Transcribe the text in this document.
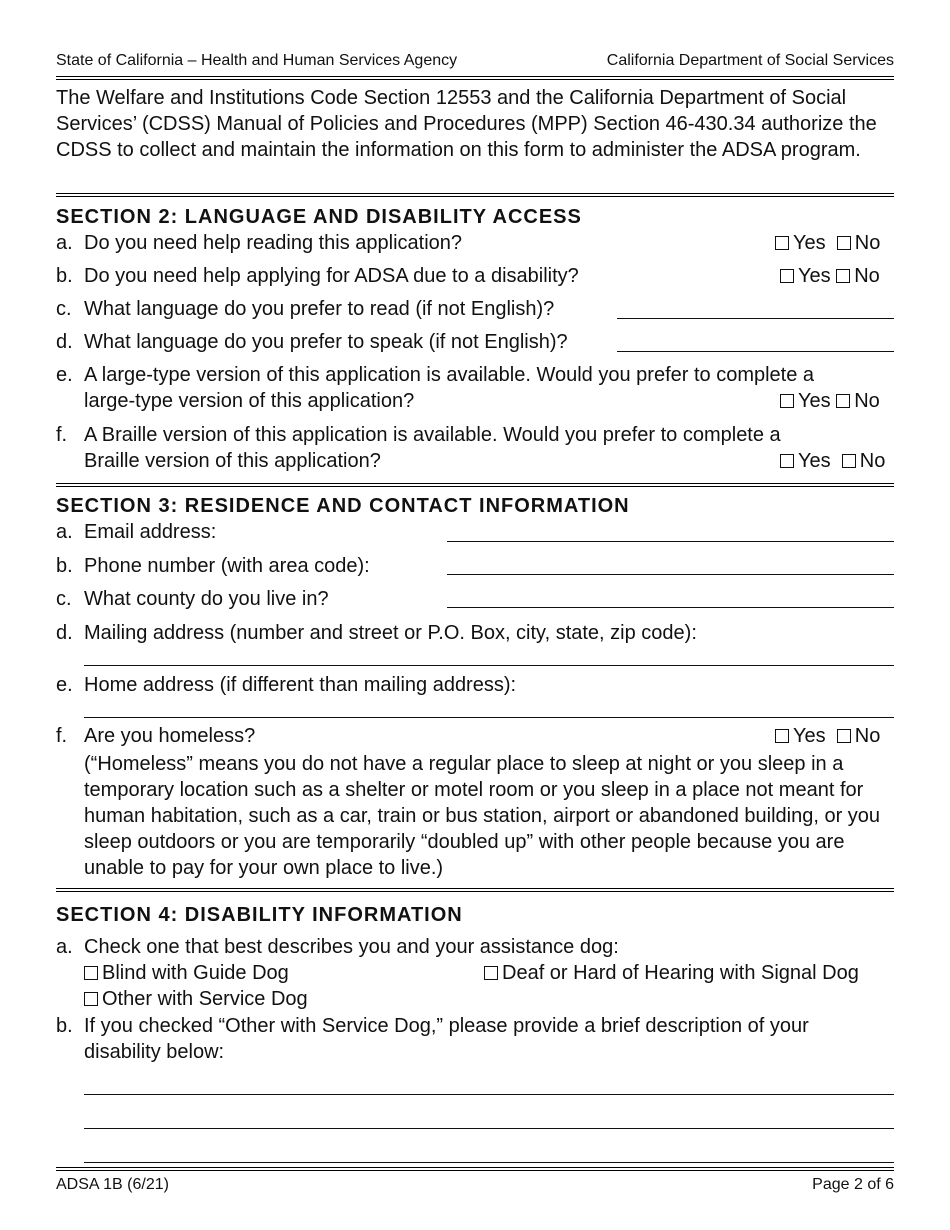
State of California – Health and Human Services Agency	California Department of Social Services
The Welfare and Institutions Code Section 12553 and the California Department of Social Services’ (CDSS) Manual of Policies and Procedures (MPP) Section 46-430.34 authorize the CDSS to collect and maintain the information on this form to administer the ADSA program.
SECTION 2: LANGUAGE AND DISABILITY ACCESS
a. Do you need help reading this application?	Yes No
b. Do you need help applying for ADSA due to a disability?	Yes No
c. What language do you prefer to read (if not English)?
d. What language do you prefer to speak (if not English)?
e. A large-type version of this application is available. Would you prefer to complete a
large-type version of this application?	Yes No
f. A Braille version of this application is available. Would you prefer to complete a
Braille version of this application?	Yes No
SECTION 3: RESIDENCE AND CONTACT INFORMATION
a. Email address:
b. Phone number (with area code):
c. What county do you live in?
d. Mailing address (number and street or P.O. Box, city, state, zip code):
e. Home address (if different than mailing address):
f. Are you homeless?	Yes No
(“Homeless” means you do not have a regular place to sleep at night or you sleep in a temporary location such as a shelter or motel room or you sleep in a place not meant for human habitation, such as a car, train or bus station, airport or abandoned building, or you sleep outdoors or you are temporarily “doubled up” with other people because you are unable to pay for your own place to live.)
SECTION 4: DISABILITY INFORMATION
a. Check one that best describes you and your assistance dog:
Blind with Guide Dog	Deaf or Hard of Hearing with Signal Dog
Other with Service Dog
b. If you checked “Other with Service Dog,” please provide a brief description of your
disability below:
ADSA 1B (6/21)	Page 2 of 6
